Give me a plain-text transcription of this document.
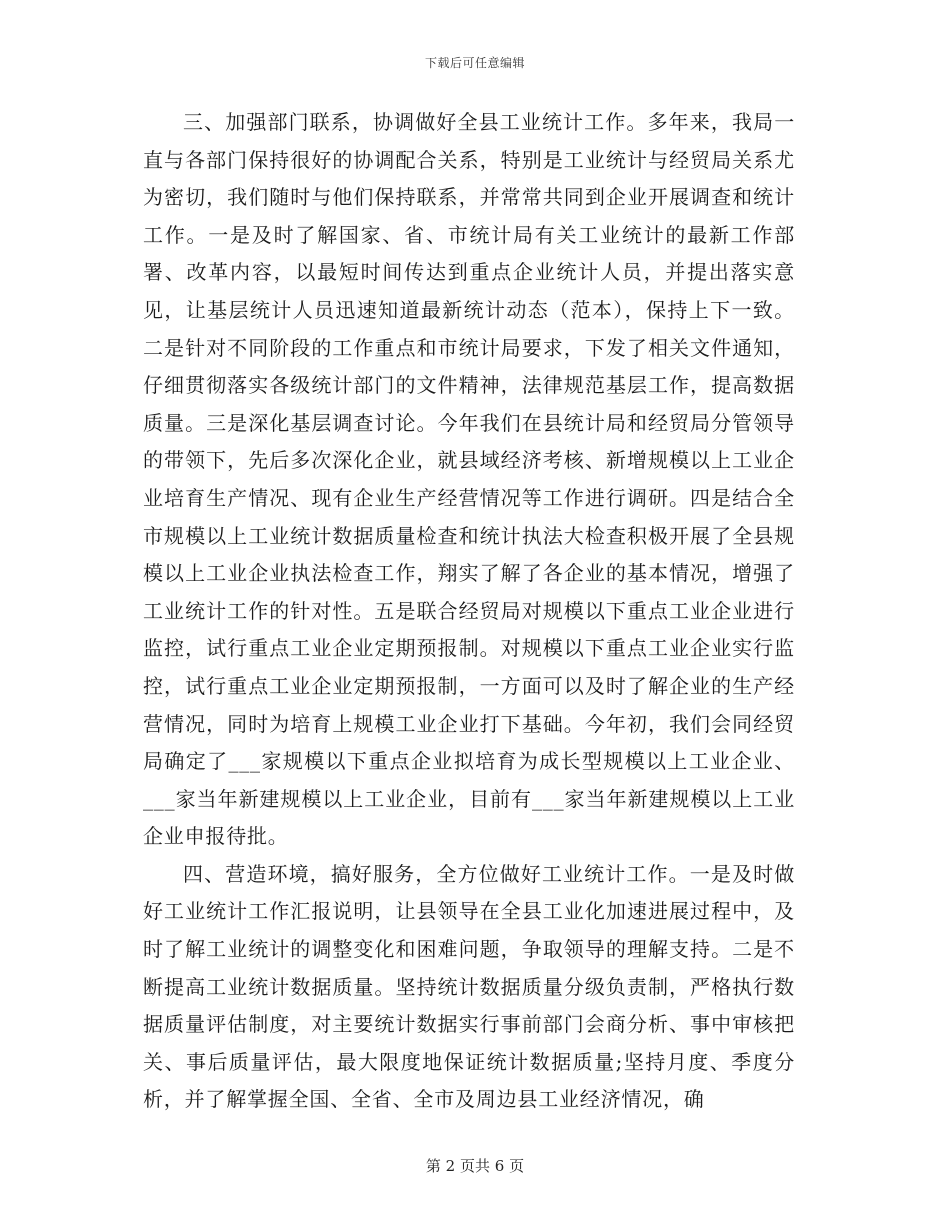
下载后可任意编辑

三、加强部门联系，协调做好全县工业统计工作。多年来，我局一直与各部门保持很好的协调配合关系，特别是工业统计与经贸局关系尤为密切，我们随时与他们保持联系，并常常共同到企业开展调查和统计工作。一是及时了解国家、省、市统计局有关工业统计的最新工作部署、改革内容，以最短时间传达到重点企业统计人员，并提出落实意见，让基层统计人员迅速知道最新统计动态（范本），保持上下一致。二是针对不同阶段的工作重点和市统计局要求，下发了相关文件通知，仔细贯彻落实各级统计部门的文件精神，法律规范基层工作，提高数据质量。三是深化基层调查讨论。今年我们在县统计局和经贸局分管领导的带领下，先后多次深化企业，就县域经济考核、新增规模以上工业企业培育生产情况、现有企业生产经营情况等工作进行调研。四是结合全市规模以上工业统计数据质量检查和统计执法大检查积极开展了全县规模以上工业企业执法检查工作，翔实了解了各企业的基本情况，增强了工业统计工作的针对性。五是联合经贸局对规模以下重点工业企业进行监控，试行重点工业企业定期预报制。对规模以下重点工业企业实行监控，试行重点工业企业定期预报制，一方面可以及时了解企业的生产经营情况，同时为培育上规模工业企业打下基础。今年初，我们会同经贸局确定了___家规模以下重点企业拟培育为成长型规模以上工业企业、___家当年新建规模以上工业企业，目前有___家当年新建规模以上工业企业申报待批。

四、营造环境，搞好服务，全方位做好工业统计工作。一是及时做好工业统计工作汇报说明，让县领导在全县工业化加速进展过程中，及时了解工业统计的调整变化和困难问题，争取领导的理解支持。二是不断提高工业统计数据质量。坚持统计数据质量分级负责制，严格执行数据质量评估制度，对主要统计数据实行事前部门会商分析、事中审核把关、事后质量评估，最大限度地保证统计数据质量;坚持月度、季度分析，并了解掌握全国、全省、全市及周边县工业经济情况，确

第 2 页共 6 页
